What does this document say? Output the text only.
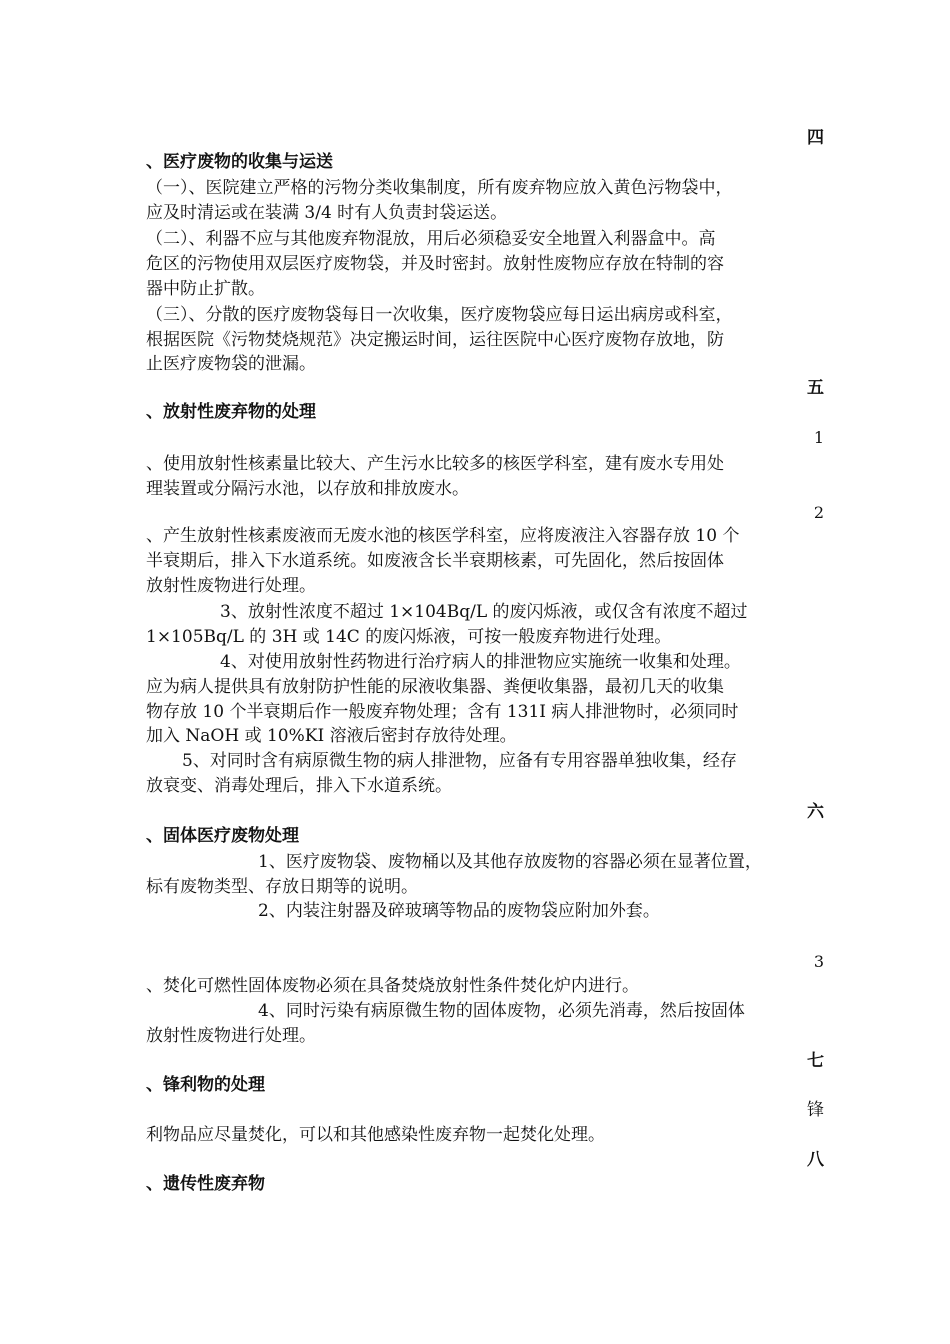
四
、医疗废物的收集与运送
（一）、医院建立严格的污物分类收集制度，所有废弃物应放入黄色污物袋中，
应及时清运或在装满 3/4 时有人负责封袋运送。
（二）、利器不应与其他废弃物混放，用后必须稳妥安全地置入利器盒中。高
危区的污物使用双层医疗废物袋，并及时密封。放射性废物应存放在特制的容
器中防止扩散。
（三）、分散的医疗废物袋每日一次收集，医疗废物袋应每日运出病房或科室，
根据医院《污物焚烧规范》决定搬运时间，运往医院中心医疗废物存放地，防
止医疗废物袋的泄漏。
五
、放射性废弃物的处理
1
、使用放射性核素量比较大、产生污水比较多的核医学科室，建有废水专用处
理装置或分隔污水池，以存放和排放废水。
2
、产生放射性核素废液而无废水池的核医学科室，应将废液注入容器存放 10 个
半衰期后，排入下水道系统。如废液含长半衰期核素，可先固化，然后按固体
放射性废物进行处理。
3、放射性浓度不超过 1×104Bq/L 的废闪烁液，或仅含有浓度不超过
1×105Bq/L 的 3H 或 14C 的废闪烁液，可按一般废弃物进行处理。
4、对使用放射性药物进行治疗病人的排泄物应实施统一收集和处理。
应为病人提供具有放射防护性能的尿液收集器、粪便收集器，最初几天的收集
物存放 10 个半衰期后作一般废弃物处理；含有 131I 病人排泄物时，必须同时
加入 NaOH 或 10%KI 溶液后密封存放待处理。
5、对同时含有病原微生物的病人排泄物，应备有专用容器单独收集，经存
放衰变、消毒处理后，排入下水道系统。
六
、固体医疗废物处理
1、医疗废物袋、废物桶以及其他存放废物的容器必须在显著位置，
标有废物类型、存放日期等的说明。
2、内装注射器及碎玻璃等物品的废物袋应附加外套。
3
、焚化可燃性固体废物必须在具备焚烧放射性条件焚化炉内进行。
4、同时污染有病原微生物的固体废物，必须先消毒，然后按固体
放射性废物进行处理。
七
、锋利物的处理
锋
利物品应尽量焚化，可以和其他感染性废弃物一起焚化处理。
八
、遗传性废弃物
